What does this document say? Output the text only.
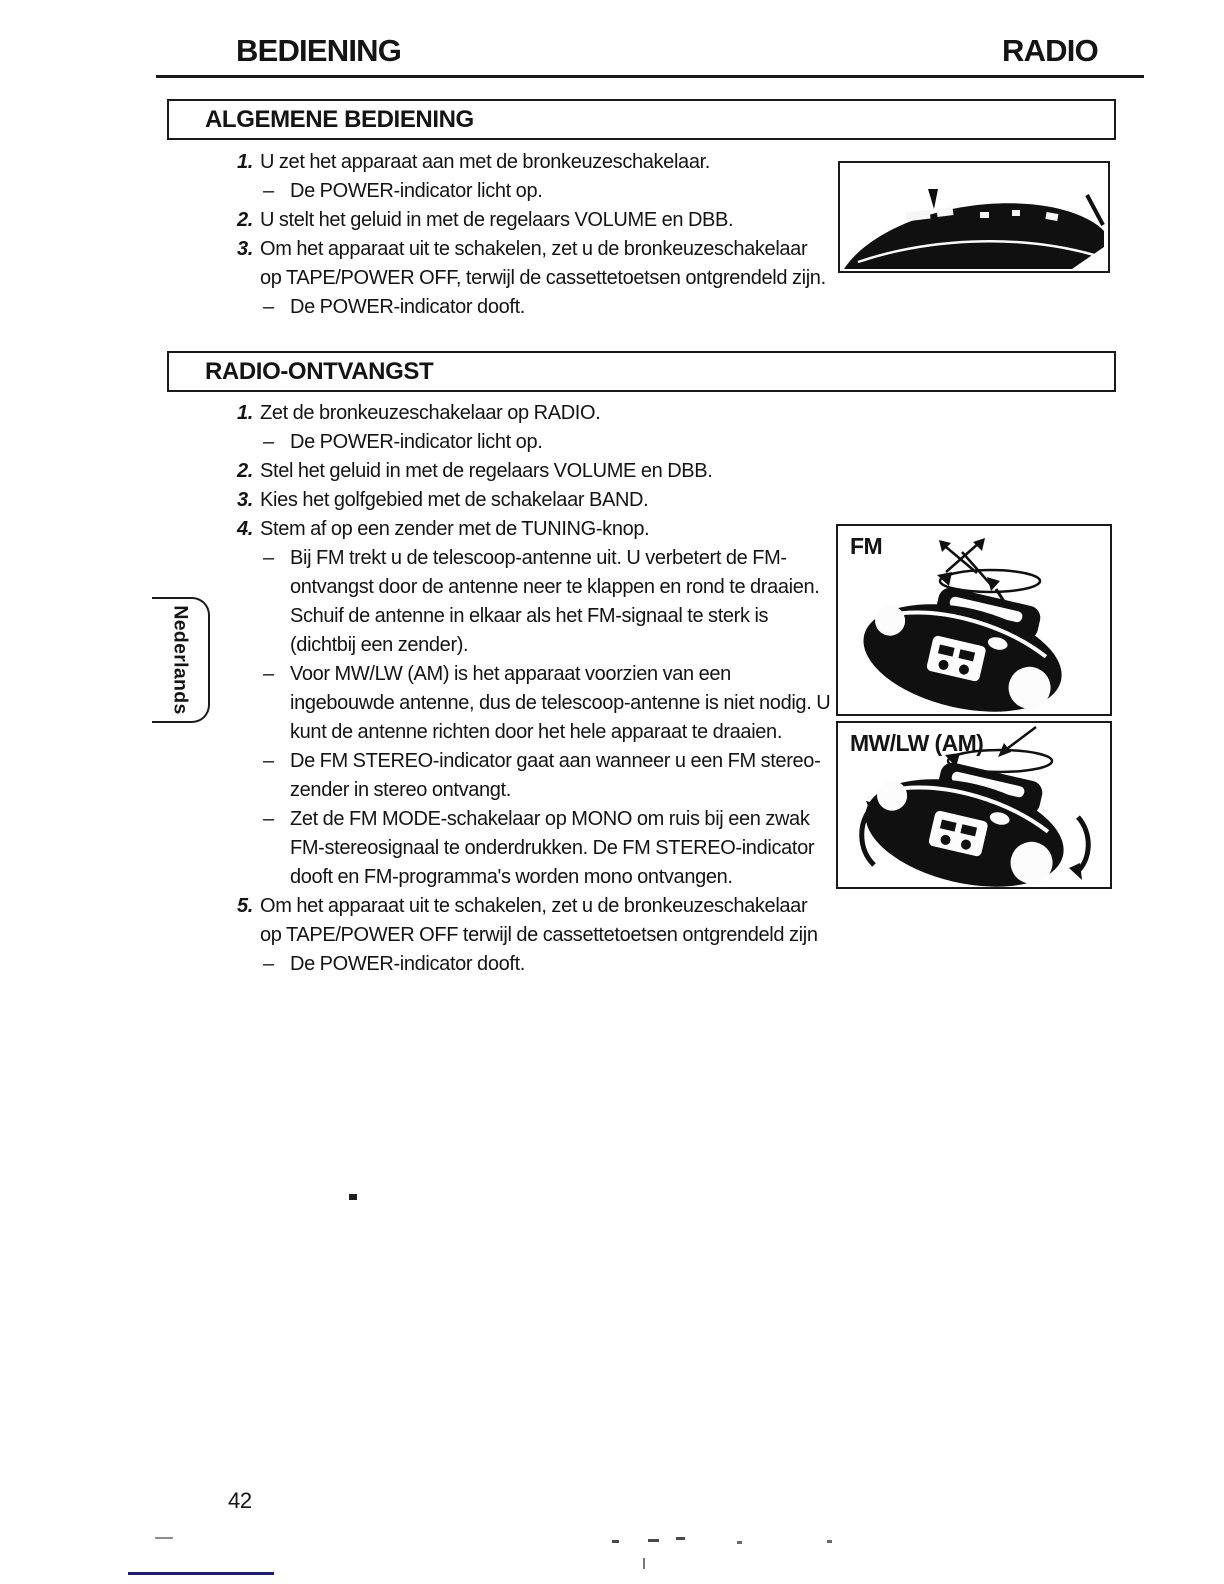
BEDIENING	RADIO
ALGEMENE BEDIENING
1. U zet het apparaat aan met de bronkeuzeschakelaar.
– De POWER-indicator licht op.
2. U stelt het geluid in met de regelaars VOLUME en DBB.
3. Om het apparaat uit te schakelen, zet u de bronkeuzeschakelaar op TAPE/POWER OFF, terwijl de cassettetoetsen ontgrendeld zijn.
– De POWER-indicator dooft.
RADIO-ONTVANGST
1. Zet de bronkeuzeschakelaar op RADIO.
– De POWER-indicator licht op.
2. Stel het geluid in met de regelaars VOLUME en DBB.
3. Kies het golfgebied met de schakelaar BAND.
4. Stem af op een zender met de TUNING-knop.
– Bij FM trekt u de telescoop-antenne uit. U verbetert de FM-ontvangst door de antenne neer te klappen en rond te draaien. Schuif de antenne in elkaar als het FM-signaal te sterk is (dichtbij een zender).
– Voor MW/LW (AM) is het apparaat voorzien van een ingebouwde antenne, dus de telescoop-antenne is niet nodig. U kunt de antenne richten door het hele apparaat te draaien.
– De FM STEREO-indicator gaat aan wanneer u een FM stereo-zender in stereo ontvangt.
– Zet de FM MODE-schakelaar op MONO om ruis bij een zwak FM-stereosignaal te onderdrukken. De FM STEREO-indicator dooft en FM-programma's worden mono ontvangen.
5. Om het apparaat uit te schakelen, zet u de bronkeuzeschakelaar op TAPE/POWER OFF terwijl de cassettetoetsen ontgrendeld zijn
– De POWER-indicator dooft.
FM
MW/LW (AM)
Nederlands
42
